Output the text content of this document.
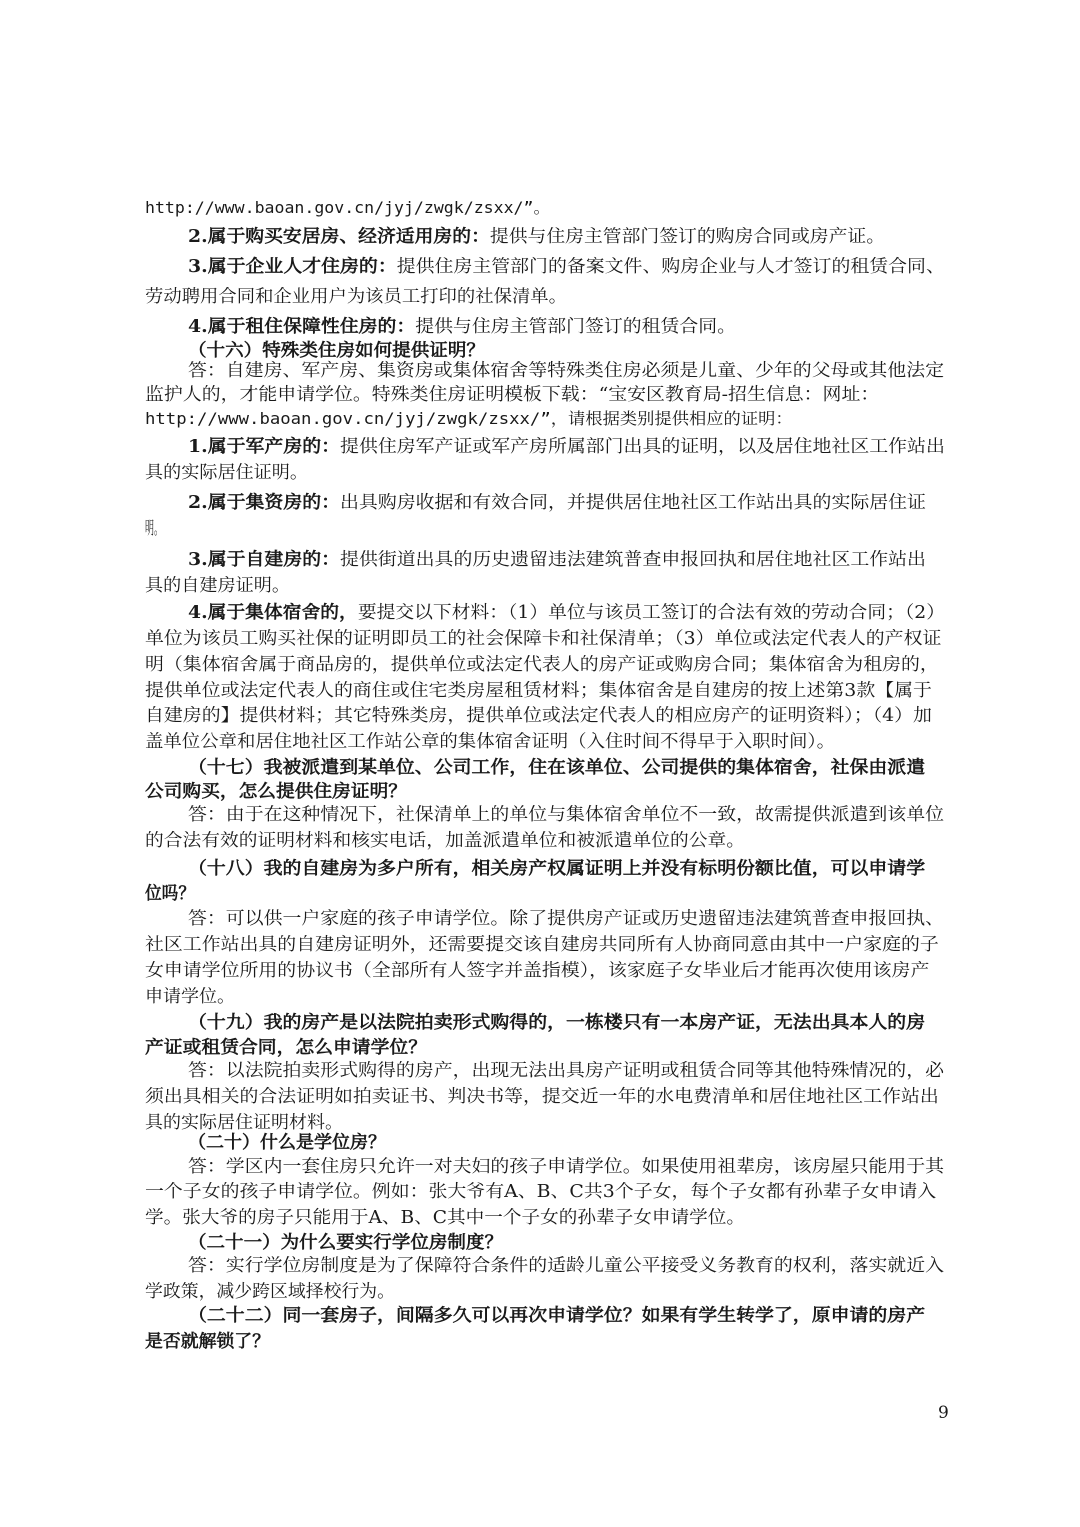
http://www.baoan.gov.cn/jyj/zwgk/zsxx/”。
2.属于购买安居房、经济适用房的：提供与住房主管部门签订的购房合同或房产证。
3.属于企业人才住房的：提供住房主管部门的备案文件、购房企业与人才签订的租赁合同、
劳动聘用合同和企业用户为该员工打印的社保清单。
4.属于租住保障性住房的：提供与住房主管部门签订的租赁合同。
（十六）特殊类住房如何提供证明？
答：自建房、军产房、集资房或集体宿舍等特殊类住房必须是儿童、少年的父母或其他法定
监护人的，才能申请学位。特殊类住房证明模板下载：“宝安区教育局-招生信息：网址：
http://www.baoan.gov.cn/jyj/zwgk/zsxx/”，请根据类别提供相应的证明：
1.属于军产房的：提供住房军产证或军产房所属部门出具的证明，以及居住地社区工作站出
具的实际居住证明。
2.属于集资房的：出具购房收据和有效合同，并提供居住地社区工作站出具的实际居住证
明。
3.属于自建房的：提供街道出具的历史遗留违法建筑普查申报回执和居住地社区工作站出
具的自建房证明。
4.属于集体宿舍的，要提交以下材料：（1）单位与该员工签订的合法有效的劳动合同；（2）
单位为该员工购买社保的证明即员工的社会保障卡和社保清单；（3）单位或法定代表人的产权证
明（集体宿舍属于商品房的，提供单位或法定代表人的房产证或购房合同；集体宿舍为租房的，
提供单位或法定代表人的商住或住宅类房屋租赁材料；集体宿舍是自建房的按上述第3款【属于
自建房的】提供材料；其它特殊类房，提供单位或法定代表人的相应房产的证明资料）；（4）加
盖单位公章和居住地社区工作站公章的集体宿舍证明（入住时间不得早于入职时间）。
（十七）我被派遣到某单位、公司工作，住在该单位、公司提供的集体宿舍，社保由派遣
公司购买，怎么提供住房证明？
答：由于在这种情况下，社保清单上的单位与集体宿舍单位不一致，故需提供派遣到该单位
的合法有效的证明材料和核实电话，加盖派遣单位和被派遣单位的公章。
（十八）我的自建房为多户所有，相关房产权属证明上并没有标明份额比值，可以申请学
位吗？
答：可以供一户家庭的孩子申请学位。除了提供房产证或历史遗留违法建筑普查申报回执、
社区工作站出具的自建房证明外，还需要提交该自建房共同所有人协商同意由其中一户家庭的子
女申请学位所用的协议书（全部所有人签字并盖指模），该家庭子女毕业后才能再次使用该房产
申请学位。
（十九）我的房产是以法院拍卖形式购得的，一栋楼只有一本房产证，无法出具本人的房
产证或租赁合同，怎么申请学位？
答：以法院拍卖形式购得的房产，出现无法出具房产证明或租赁合同等其他特殊情况的，必
须出具相关的合法证明如拍卖证书、判决书等，提交近一年的水电费清单和居住地社区工作站出
具的实际居住证明材料。
（二十）什么是学位房？
答：学区内一套住房只允许一对夫妇的孩子申请学位。如果使用祖辈房，该房屋只能用于其
一个子女的孩子申请学位。例如：张大爷有A、B、C共3个子女，每个子女都有孙辈子女申请入
学。张大爷的房子只能用于A、B、C其中一个子女的孙辈子女申请学位。
（二十一）为什么要实行学位房制度？
答：实行学位房制度是为了保障符合条件的适龄儿童公平接受义务教育的权利，落实就近入
学政策，减少跨区域择校行为。
（二十二）同一套房子，间隔多久可以再次申请学位？如果有学生转学了，原申请的房产
是否就解锁了？
9
